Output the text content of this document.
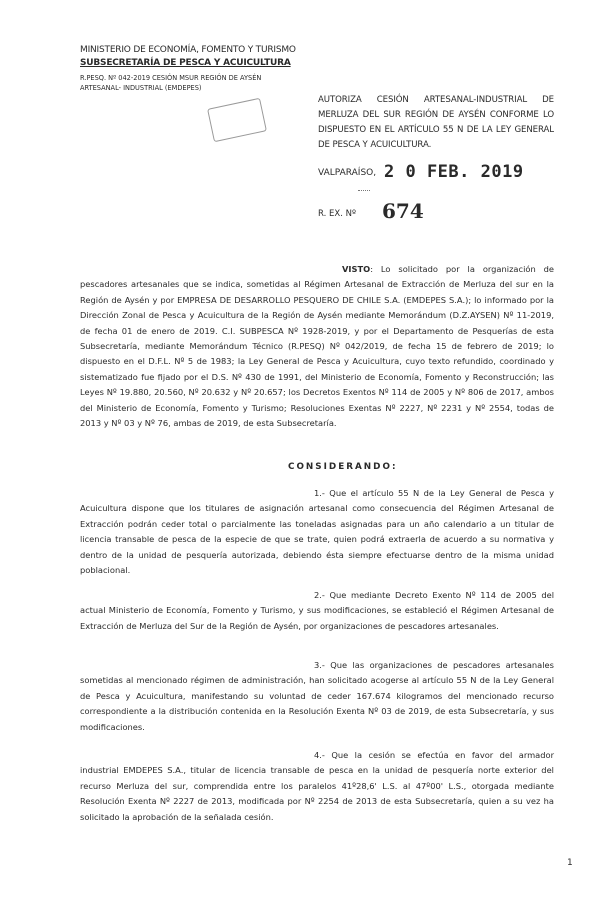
MINISTERIO DE ECONOMÍA, FOMENTO Y TURISMO
SUBSECRETARÍA DE PESCA Y ACUICULTURA
R.PESQ. Nº 042-2019 CESIÓN MSUR REGIÓN DE AYSÉN
ARTESANAL- INDUSTRIAL (EMDEPES)
AUTORIZA CESIÓN ARTESANAL-INDUSTRIAL DE MERLUZA DEL SUR REGIÓN DE AYSÉN CONFORME LO DISPUESTO EN EL ARTÍCULO 55 N DE LA LEY GENERAL DE PESCA Y ACUICULTURA.
VALPARAÍSO, 2 0 FEB. 2019
R. EX. Nº 674

VISTO: Lo solicitado por la organización de pescadores artesanales que se indica, sometidas al Régimen Artesanal de Extracción de Merluza del sur en la Región de Aysén y por EMPRESA DE DESARROLLO PESQUERO DE CHILE S.A. (EMDEPES S.A.); lo informado por la Dirección Zonal de Pesca y Acuicultura de la Región de Aysén mediante Memorándum (D.Z.AYSEN) Nº 11-2019, de fecha 01 de enero de 2019. C.I. SUBPESCA Nº 1928-2019, y por el Departamento de Pesquerías de esta Subsecretaría, mediante Memorándum Técnico (R.PESQ) Nº 042/2019, de fecha 15 de febrero de 2019; lo dispuesto en el D.F.L. Nº 5 de 1983; la Ley General de Pesca y Acuicultura, cuyo texto refundido, coordinado y sistematizado fue fijado por el D.S. Nº 430 de 1991, del Ministerio de Economía, Fomento y Reconstrucción; las Leyes Nº 19.880, 20.560, Nº 20.632 y Nº 20.657; los Decretos Exentos Nº 114 de 2005 y Nº 806 de 2017, ambos del Ministerio de Economía, Fomento y Turismo; Resoluciones Exentas Nº 2227, Nº 2231 y Nº 2554, todas de 2013 y Nº 03 y Nº 76, ambas de 2019, de esta Subsecretaría.

CONSIDERANDO:

1.- Que el artículo 55 N de la Ley General de Pesca y Acuicultura dispone que los titulares de asignación artesanal como consecuencia del Régimen Artesanal de Extracción podrán ceder total o parcialmente las toneladas asignadas para un año calendario a un titular de licencia transable de pesca de la especie de que se trate, quien podrá extraerla de acuerdo a su normativa y dentro de la unidad de pesquería autorizada, debiendo ésta siempre efectuarse dentro de la misma unidad poblacional.

2.- Que mediante Decreto Exento Nº 114 de 2005 del actual Ministerio de Economía, Fomento y Turismo, y sus modificaciones, se estableció el Régimen Artesanal de Extracción de Merluza del Sur de la Región de Aysén, por organizaciones de pescadores artesanales.

3.- Que las organizaciones de pescadores artesanales sometidas al mencionado régimen de administración, han solicitado acogerse al artículo 55 N de la Ley General de Pesca y Acuicultura, manifestando su voluntad de ceder 167.674 kilogramos del mencionado recurso correspondiente a la distribución contenida en la Resolución Exenta Nº 03 de 2019, de esta Subsecretaría, y sus modificaciones.

4.- Que la cesión se efectúa en favor del armador industrial EMDEPES S.A., titular de licencia transable de pesca en la unidad de pesquería norte exterior del recurso Merluza del sur, comprendida entre los paralelos 41º28,6' L.S. al 47º00' L.S., otorgada mediante Resolución Exenta Nº 2227 de 2013, modificada por Nº 2254 de 2013 de esta Subsecretaría, quien a su vez ha solicitado la aprobación de la señalada cesión.

1
